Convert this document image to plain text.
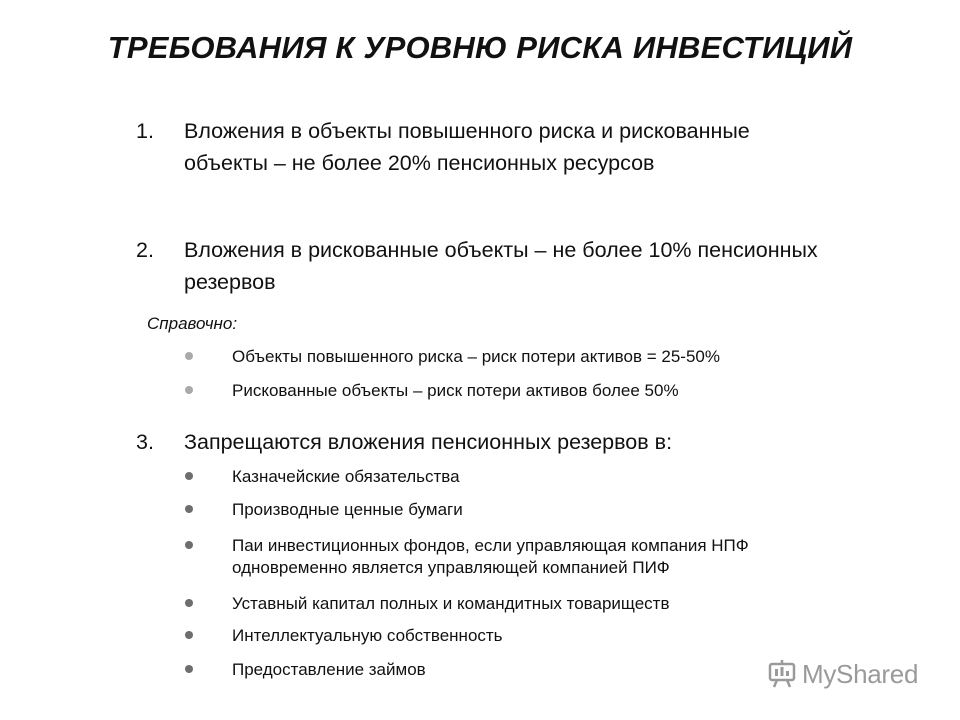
ТРЕБОВАНИЯ К УРОВНЮ РИСКА ИНВЕСТИЦИЙ
1. Вложения в объекты повышенного риска и рискованные объекты – не более 20% пенсионных ресурсов
2. Вложения в рискованные объекты – не более 10% пенсионных резервов
Справочно:
Объекты повышенного риска – риск потери активов = 25-50%
Рискованные объекты – риск потери активов более 50%
3. Запрещаются вложения пенсионных резервов в:
Казначейские обязательства
Производные ценные бумаги
Паи инвестиционных фондов, если управляющая компания НПФ одновременно является управляющей компанией ПИФ
Уставный капитал полных и командитных товариществ
Интеллектуальную собственность
Предоставление займов	MyShared
